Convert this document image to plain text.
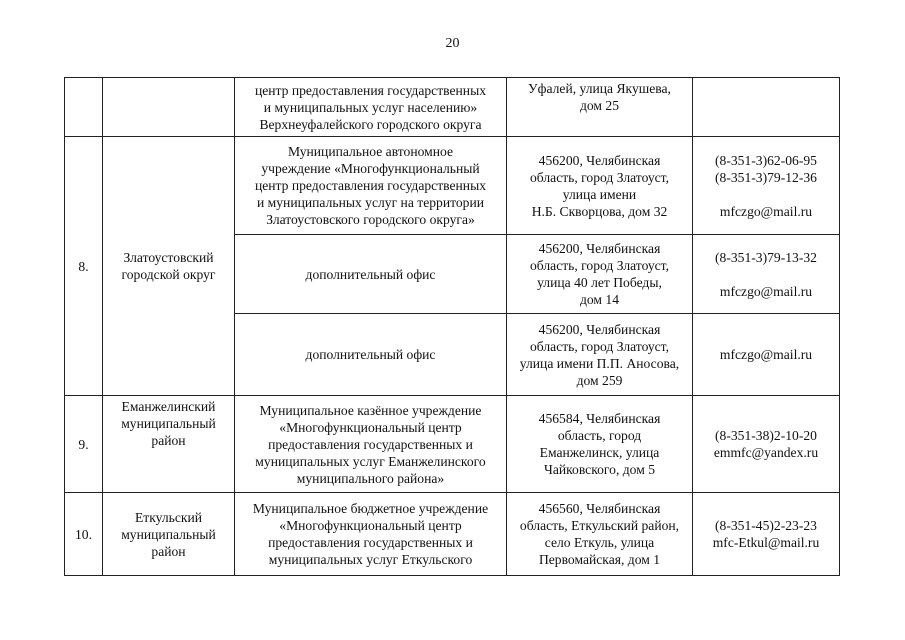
20
		центр предоставления государственных
и муниципальных услуг населению»
Верхнеуфалейского городского округа	Уфалей, улица Якушева,
дом 25	
8.	Златоустовский
городской округ	Муниципальное автономное
учреждение «Многофункциональный
центр предоставления государственных
и муниципальных услуг на территории
Златоустовского городского округа»	456200, Челябинская
область, город Златоуст,
улица имени
Н.Б. Скворцова, дом 32	(8-351-3)62-06-95
(8-351-3)79-12-36

mfczgo@mail.ru
		дополнительный офис	456200, Челябинская
область, город Златоуст,
улица 40 лет Победы,
дом 14	(8-351-3)79-13-32

mfczgo@mail.ru
		дополнительный офис	456200, Челябинская
область, город Златоуст,
улица имени П.П. Аносова,
дом 259	mfczgo@mail.ru
9.	Еманжелинский
муниципальный
район	Муниципальное казённое учреждение
«Многофункциональный центр
предоставления государственных и
муниципальных услуг Еманжелинского
муниципального района»	456584, Челябинская
область, город
Еманжелинск, улица
Чайковского, дом 5	(8-351-38)2-10-20
emmfc@yandex.ru
10.	Еткульский
муниципальный
район	Муниципальное бюджетное учреждение
«Многофункциональный центр
предоставления государственных и
муниципальных услуг Еткульского	456560, Челябинская
область, Еткульский район,
село Еткуль, улица
Первомайская, дом 1	(8-351-45)2-23-23
mfc-Etkul@mail.ru
